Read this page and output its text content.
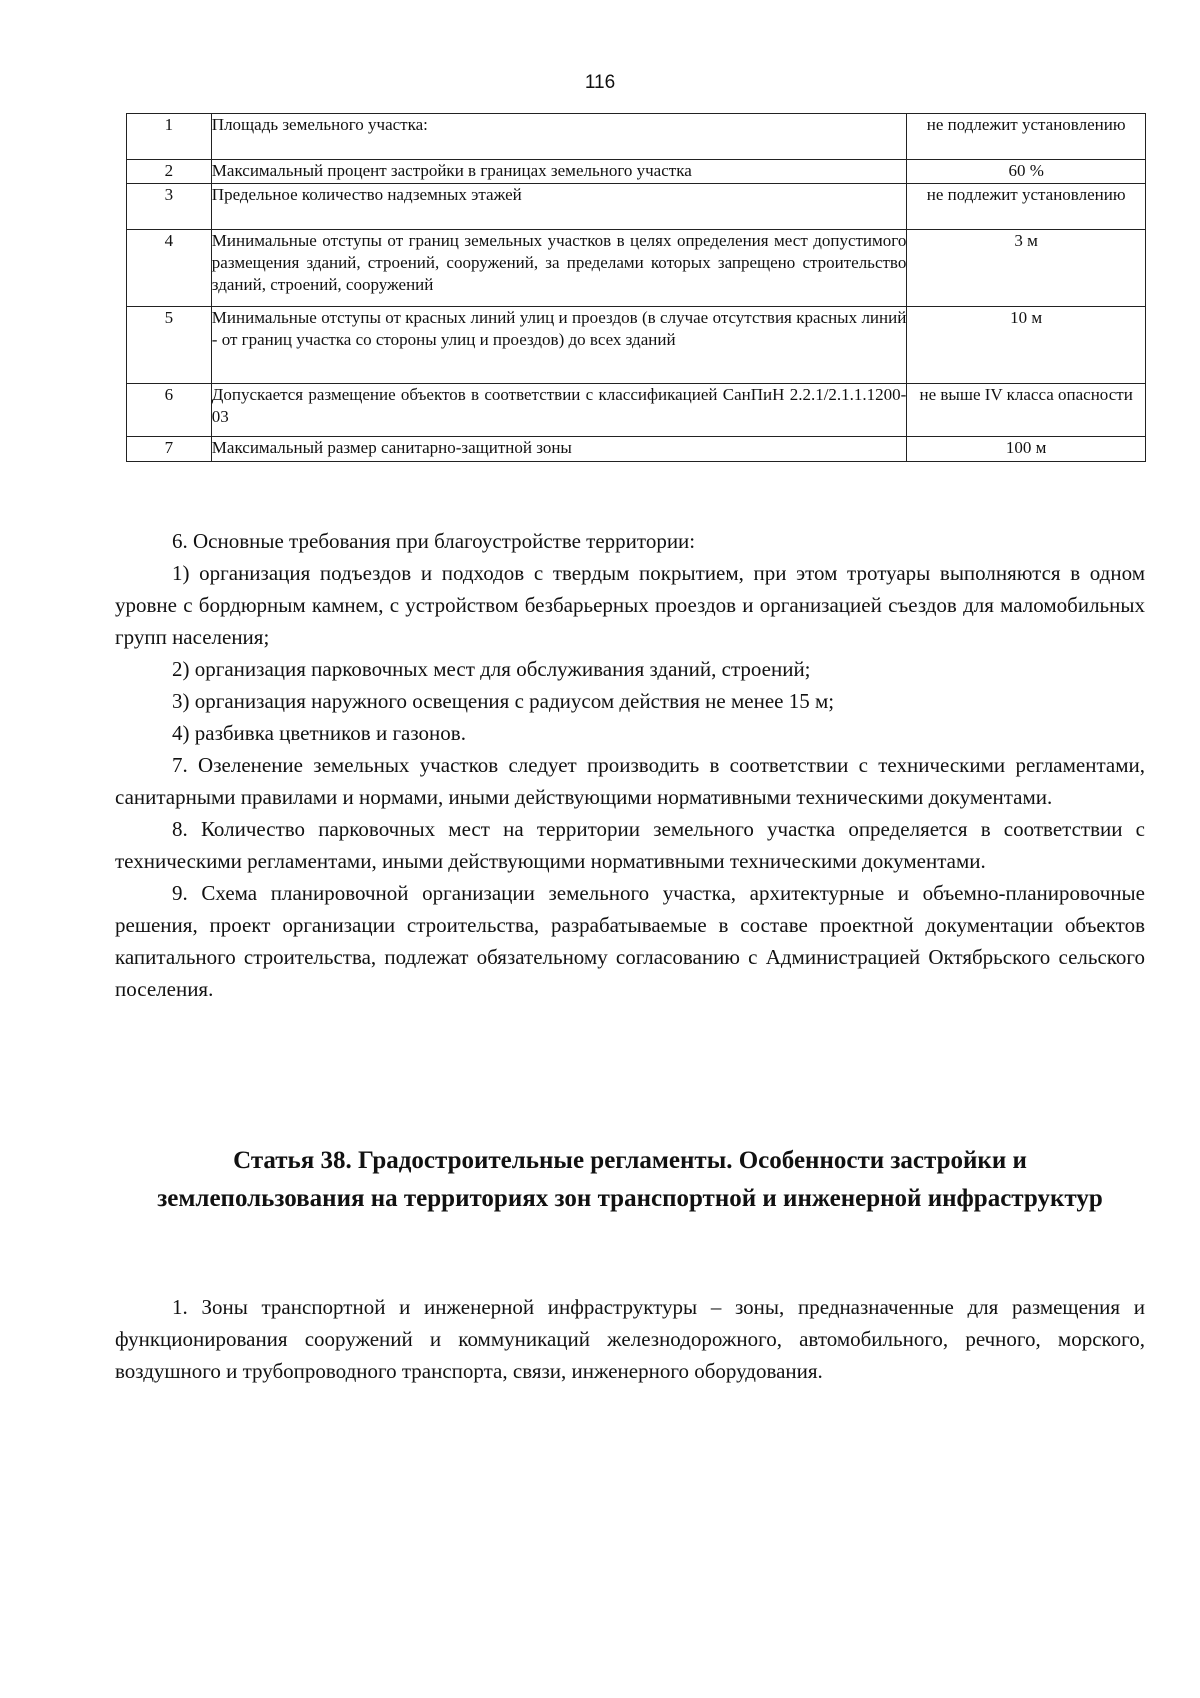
116
1	Площадь земельного участка:	не подлежит установлению
2	Максимальный процент застройки в границах земельного участка	60 %
3	Предельное количество надземных этажей	не подлежит установлению
4	Минимальные отступы от границ земельных участков в целях определения мест допустимого размещения зданий, строений, сооружений, за пределами которых запрещено строительство зданий, строений, сооружений	3 м
5	Минимальные отступы от красных линий улиц и проездов (в случае отсутствия красных линий - от границ участка со стороны улиц и проездов) до всех зданий	10 м
6	Допускается размещение объектов в соответствии с классификацией СанПиН 2.2.1/2.1.1.1200-03	не выше IV класса опасности
7	Максимальный размер санитарно-защитной зоны	100 м

6. Основные требования при благоустройстве территории:

1) организация подъездов и подходов с твердым покрытием, при этом тротуары выполняются в одном уровне с бордюрным камнем, с устройством безбарьерных проездов и организацией съездов для маломобильных групп населения;

2) организация парковочных мест для обслуживания зданий, строений;

3) организация наружного освещения с радиусом действия не менее 15 м;

4) разбивка цветников и газонов.

7. Озеленение земельных участков следует производить в соответствии с техническими регламентами, санитарными правилами и нормами, иными действующими нормативными техническими документами.

8. Количество парковочных мест на территории земельного участка определяется в соответствии с техническими регламентами, иными действующими нормативными техническими документами.

9. Схема планировочной организации земельного участка, архитектурные и объемно-планировочные решения, проект организации строительства, разрабатываемые в составе проектной документации объектов капитального строительства, подлежат обязательному согласованию с Администрацией Октябрьского сельского поселения.

Статья 38. Градостроительные регламенты. Особенности застройки и землепользования на территориях зон транспортной и инженерной инфраструктур

1. Зоны транспортной и инженерной инфраструктуры – зоны, предназначенные для размещения и функционирования сооружений и коммуникаций железнодорожного, автомобильного, речного, морского, воздушного и трубопроводного транспорта, связи, инженерного оборудования.
